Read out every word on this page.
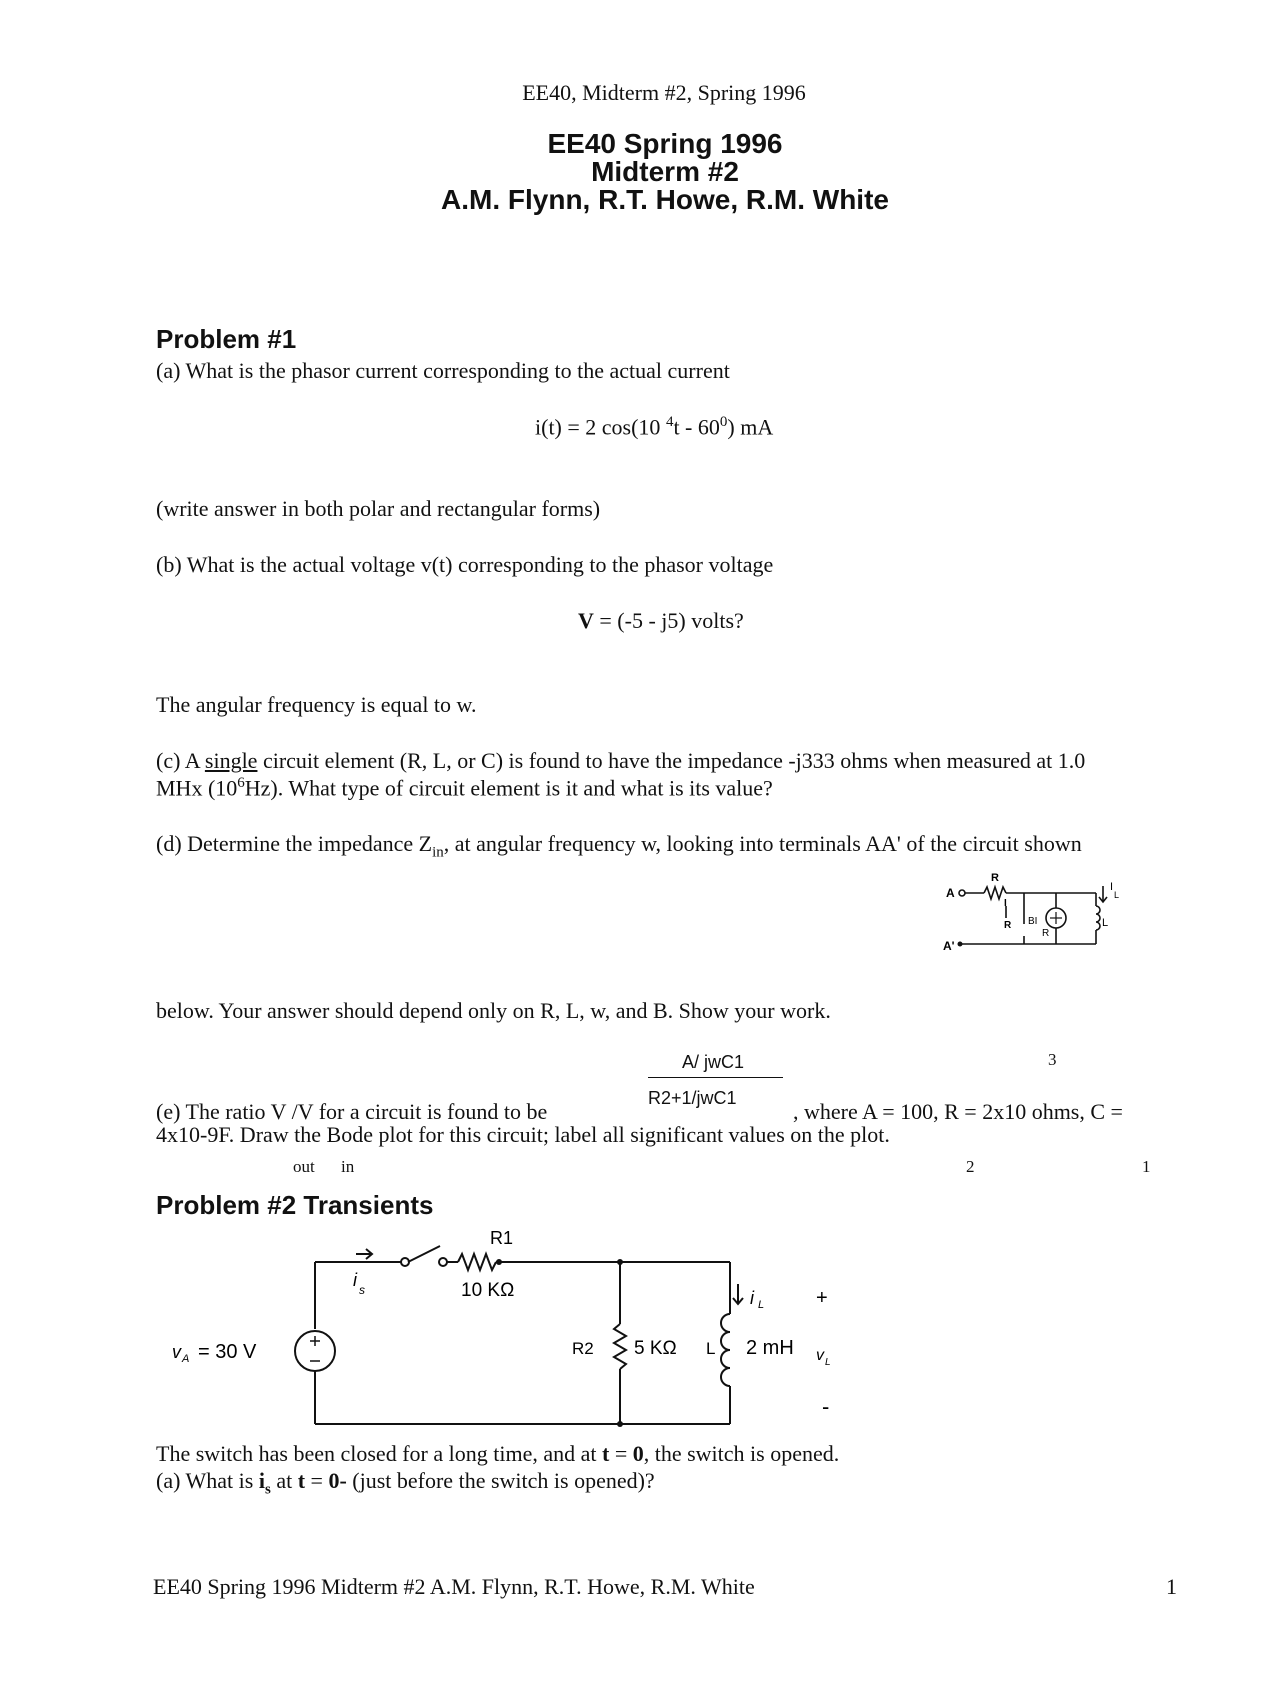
EE40, Midterm #2, Spring 1996
EE40 Spring 1996
Midterm #2
A.M. Flynn, R.T. Howe, R.M. White
Problem #1
(a) What is the phasor current corresponding to the actual current
i(t) = 2 cos(10 $^4t - 60^0$) mA
(write answer in both polar and rectangular forms)
(b) What is the actual voltage v(t) corresponding to the phasor voltage
V = (-5 - j5) volts?
The angular frequency is equal to w.
(c) A single circuit element (R, L, or C) is found to have the impedance -j333 ohms when measured at 1.0
MHx $(10^6Hz)$. What type of circuit element is it and what is its value?
(d) Determine the impedance $Z_{in}$, at angular frequency w, looking into terminals AA' of the circuit shown
A
A'
R
I
R BI
R
L
I
L
below. Your answer should depend only on R, L, w, and B. Show your work.
A/ jwC1
R2+1/jwC1
3
(e) The ratio V /V for a circuit is found to be	, where A = 100, R = 2x10 ohms, C =
4x10-9F. Draw the Bode plot for this circuit; label all significant values on the plot.
out in	2	1
Problem #2 Transients
R1
10 KΩ
i s
v A = 30 V	R2 5 KΩ L 2 mH
i L	+
v L
-
The switch has been closed for a long time, and at t = 0, the switch is opened.
(a) What is $i_s$ at t = 0- (just before the switch is opened)?
EE40 Spring 1996 Midterm #2 A.M. Flynn, R.T. Howe, R.M. White	1
